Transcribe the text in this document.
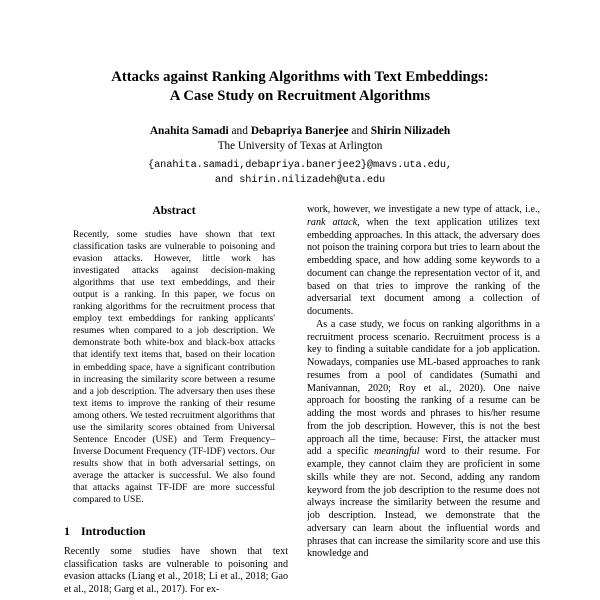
Attacks against Ranking Algorithms with Text Embeddings:
A Case Study on Recruitment Algorithms
Anahita Samadi and Debapriya Banerjee and Shirin Nilizadeh
The University of Texas at Arlington
{anahita.samadi,debapriya.banerjee2}@mavs.uta.edu,
and shirin.nilizadeh@uta.edu
Abstract

Recently, some studies have shown that text classification tasks are vulnerable to poisoning and evasion attacks. However, little work has investigated attacks against decision-making algorithms that use text embeddings, and their output is a ranking. In this paper, we focus on ranking algorithms for the recruitment process that employ text embeddings for ranking applicants' resumes when compared to a job description. We demonstrate both white-box and black-box attacks that identify text items that, based on their location in embedding space, have a significant contribution in increasing the similarity score between a resume and a job description. The adversary then uses these text items to improve the ranking of their resume among others. We tested recruitment algorithms that use the similarity scores obtained from Universal Sentence Encoder (USE) and Term Frequency–Inverse Document Frequency (TF-IDF) vectors. Our results show that in both adversarial settings, on average the attacker is successful. We also found that attacks against TF-IDF are more successful compared to USE.

1 Introduction

Recently some studies have shown that text classification tasks are vulnerable to poisoning and evasion attacks (Liang et al., 2018; Li et al., 2018; Gao et al., 2018; Garg et al., 2017). For ex-

work, however, we investigate a new type of attack, i.e., rank attack, when the text application utilizes text embedding approaches. In this attack, the adversary does not poison the training corpora but tries to learn about the embedding space, and how adding some keywords to a document can change the representation vector of it, and based on that tries to improve the ranking of the adversarial text document among a collection of documents.

As a case study, we focus on ranking algorithms in a recruitment process scenario. Recruitment process is a key to finding a suitable candidate for a job application. Nowadays, companies use ML-based approaches to rank resumes from a pool of candidates (Sumathi and Manivannan, 2020; Roy et al., 2020). One naive approach for boosting the ranking of a resume can be adding the most words and phrases to his/her resume from the job description. However, this is not the best approach all the time, because: First, the attacker must add a specific meaningful word to their resume. For example, they cannot claim they are proficient in some skills while they are not. Second, adding any random keyword from the job description to the resume does not always increase the similarity between the resume and job description. Instead, we demonstrate that the adversary can learn about the influential words and phrases that can increase the similarity score and use this knowledge and
